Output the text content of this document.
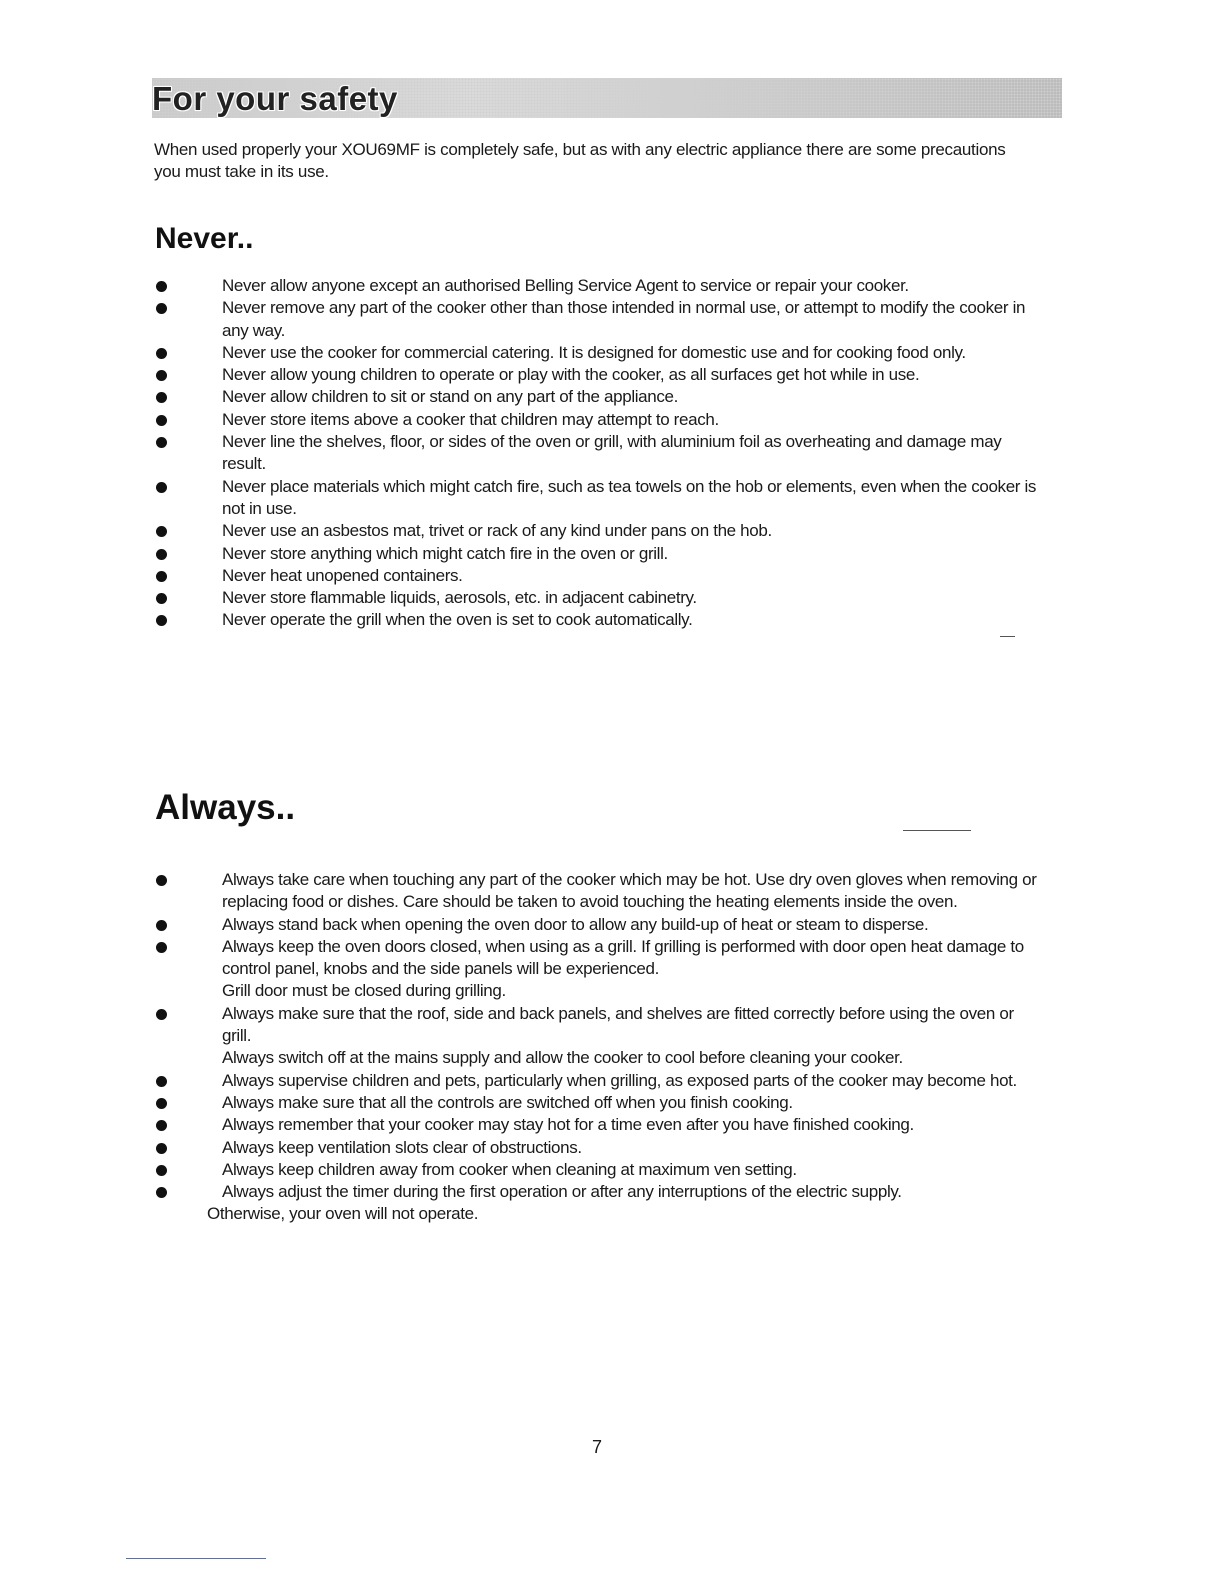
For your safety
When used properly your XOU69MF is completely safe, but as with any electric appliance there are some precautions you must take in its use.
Never..
Never allow anyone except an authorised Belling Service Agent to service or repair your cooker.
Never remove any part of the cooker other than those intended in normal use, or attempt to modify the cooker in any way.
Never use the cooker for commercial catering. It is designed for domestic use and for cooking food only.
Never allow young children to operate or play with the cooker, as all surfaces get hot while in use.
Never allow children to sit or stand on any part of the appliance.
Never store items above a cooker that children may attempt to reach.
Never line the shelves, floor, or sides of the oven or grill, with aluminium foil as overheating and damage may result.
Never place materials which might catch fire, such as tea towels on the hob or elements, even when the cooker is not in use.
Never use an asbestos mat, trivet or rack of any kind under pans on the hob.
Never store anything which might catch fire in the oven or grill.
Never heat unopened containers.
Never store flammable liquids, aerosols, etc. in adjacent cabinetry.
Never operate the grill when the oven is set to cook automatically.
Always..
Always take care when touching any part of the cooker which may be hot. Use dry oven gloves when removing or replacing food or dishes. Care should be taken to avoid touching the heating elements inside the oven.
Always stand back when opening the oven door to allow any build-up of heat or steam to disperse.
Always keep the oven doors closed, when using as a grill. If grilling is performed with door open heat damage to control panel, knobs and the side panels will be experienced.
Grill door must be closed during grilling.
Always make sure that the roof, side and back panels, and shelves are fitted correctly before using the oven or grill.
Always switch off at the mains supply and allow the cooker to cool before cleaning your cooker.
Always supervise children and pets, particularly when grilling, as exposed parts of the cooker may become hot.
Always make sure that all the controls are switched off when you finish cooking.
Always remember that your cooker may stay hot for a time even after you have finished cooking.
Always keep ventilation slots clear of obstructions.
Always keep children away from cooker when cleaning at maximum ven setting.
Always adjust the timer during the first operation or after any interruptions of the electric supply.
Otherwise, your oven will not operate.
7
